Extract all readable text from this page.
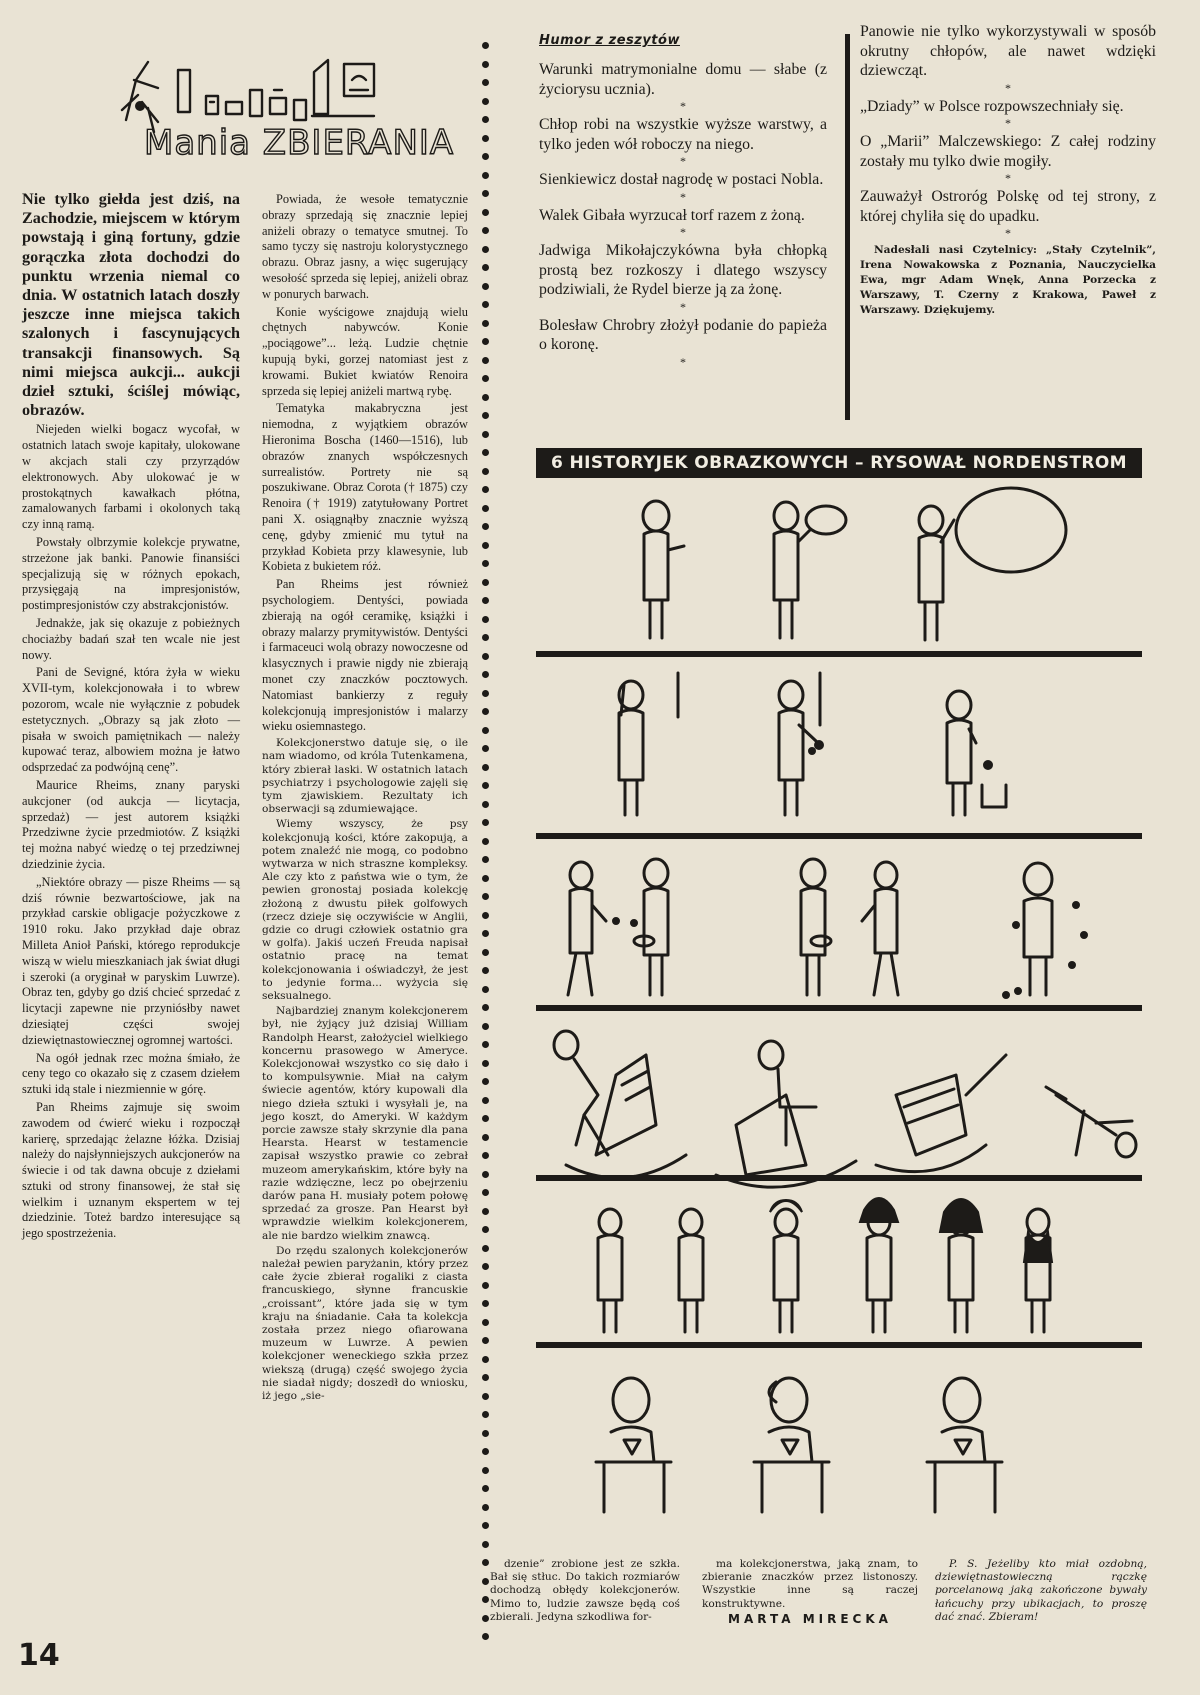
Mania ZBIERANIA

Nie tylko giełda jest dziś, na Zachodzie, miejscem w którym powstają i giną fortuny, gdzie gorączka złota dochodzi do punktu wrzenia niemal co dnia. W ostatnich latach doszły jeszcze inne miejsca takich szalonych i fascynujących transakcji finansowych. Są nimi miejsca aukcji... aukcji dzieł sztuki, ściślej mówiąc, obrazów.

Niejeden wielki bogacz wycofał, w ostatnich latach swoje kapitały, ulokowane w akcjach stali czy przyrządów elektronowych. Aby ulokować je w prostokątnych kawałkach płótna, zamalowanych farbami i okolonych taką czy inną ramą.

Powstały olbrzymie kolekcje prywatne, strzeżone jak banki. Panowie finansiści specjalizują się w różnych epokach, przysięgają na impresjonistów, postimpresjonistów czy abstrakcjonistów.

Jednakże, jak się okazuje z pobieżnych chociażby badań szał ten wcale nie jest nowy.

Pani de Sevigné, która żyła w wieku XVII-tym, kolekcjonowała i to wbrew pozorom, wcale nie wyłącznie z pobudek estetycznych. „Obrazy są jak złoto — pisała w swoich pamiętnikach — należy kupować teraz, albowiem można je łatwo odsprzedać za podwójną cenę”.

Maurice Rheims, znany paryski aukcjoner (od aukcja — licytacja, sprzedaż) — jest autorem książki Przedziwne życie przedmiotów. Z książki tej można nabyć wiedzę o tej przedziwnej dziedzinie życia.

„Niektóre obrazy — pisze Rheims — są dziś równie bezwartościowe, jak na przykład carskie obligacje pożyczkowe z 1910 roku. Jako przykład daje obraz Milleta Anioł Pański, którego reprodukcje wiszą w wielu mieszkaniach jak świat długi i szeroki (a oryginał w paryskim Luwrze). Obraz ten, gdyby go dziś chcieć sprzedać z licytacji zapewne nie przyniósłby nawet dziesiątej części swojej dziewiętnastowiecznej ogromnej wartości.

Na ogół jednak rzec można śmiało, że ceny tego co okazało się z czasem dziełem sztuki idą stale i niezmiennie w górę.

Pan Rheims zajmuje się swoim zawodem od ćwierć wieku i rozpoczął karierę, sprzedając żelazne łóżka. Dzisiaj należy do najsłynniejszych aukcjonerów na świecie i od tak dawna obcuje z dziełami sztuki od strony finansowej, że stał się wielkim i uznanym ekspertem w tej dziedzinie. Toteż bardzo interesujące są jego spostrzeżenia.

Powiada, że wesołe tematycznie obrazy sprzedają się znacznie lepiej aniżeli obrazy o tematyce smutnej. To samo tyczy się nastroju kolorystycznego obrazu. Obraz jasny, a więc sugerujący wesołość sprzeda się lepiej, aniżeli obraz w ponurych barwach.

Konie wyścigowe znajdują wielu chętnych nabywców. Konie „pociągowe”... leżą. Ludzie chętnie kupują byki, gorzej natomiast jest z krowami. Bukiet kwiatów Renoira sprzeda się lepiej aniżeli martwą rybę.

Tematyka makabryczna jest niemodna, z wyjątkiem obrazów Hieronima Boscha (1460—1516), lub obrazów znanych współczesnych surrealistów. Portrety nie są poszukiwane. Obraz Corota († 1875) czy Renoira († 1919) zatytułowany Portret pani X. osiągnąłby znacznie wyższą cenę, gdyby zmienić mu tytuł na przykład Kobieta przy klawesynie, lub Kobieta z bukietem róż.

Pan Rheims jest również psychologiem. Dentyści, powiada zbierają na ogół ceramikę, książki i obrazy malarzy prymitywistów. Dentyści i farmaceuci wolą obrazy nowoczesne od klasycznych i prawie nigdy nie zbierają monet czy znaczków pocztowych. Natomiast bankierzy z reguły kolekcjonują impresjonistów i malarzy wieku osiemnastego.

Kolekcjonerstwo datuje się, o ile nam wiadomo, od króla Tutenkamena, który zbierał laski. W ostatnich latach psychiatrzy i psychologowie zajęli się tym zjawiskiem. Rezultaty ich obserwacji są zdumiewające.

Wiemy wszyscy, że psy kolekcjonują kości, które zakopują, a potem znaleźć nie mogą, co podobno wytwarza w nich straszne kompleksy. Ale czy kto z państwa wie o tym, że pewien gronostaj posiada kolekcję złożoną z dwustu piłek golfowych (rzecz dzieje się oczywiście w Anglii, gdzie co drugi człowiek ostatnio gra w golfa). Jakiś uczeń Freuda napisał ostatnio pracę na temat kolekcjonowania i oświadczył, że jest to jedynie forma... wyżycia się seksualnego.

Najbardziej znanym kolekcjonerem był, nie żyjący już dzisiaj William Randolph Hearst, założyciel wielkiego koncernu prasowego w Ameryce. Kolekcjonował wszystko co się dało i to kompulsywnie. Miał na całym świecie agentów, który kupowali dla niego dzieła sztuki i wysyłali je, na jego koszt, do Ameryki. W każdym porcie zawsze stały skrzynie dla pana Hearsta. Hearst w testamencie zapisał wszystko prawie co zebrał muzeom amerykańskim, które były na razie wdzięczne, lecz po obejrzeniu darów pana H. musiały potem połowę sprzedać za grosze. Pan Hearst był wprawdzie wielkim kolekcjonerem, ale nie bardzo wielkim znawcą.

Do rzędu szalonych kolekcjonerów należał pewien paryżanin, który przez całe życie zbierał rogaliki z ciasta francuskiego, słynne francuskie „croissant”, które jada się w tym kraju na śniadanie. Cała ta kolekcja została przez niego ofiarowana muzeum w Luwrze. A pewien kolekcjoner weneckiego szkła przez wiekszą (drugą) część swojego życia nie siadał nigdy; doszedł do wniosku, iż jego „sie-

Humor z zeszytów

Warunki matrymonialne domu — słabe (z życiorysu ucznia).

*

Chłop robi na wszystkie wyższe warstwy, a tylko jeden wół roboczy na niego.

*

Sienkiewicz dostał nagrodę w postaci Nobla.

*

Walek Gibała wyrzucał torf razem z żoną.

*

Jadwiga Mikołajczykówna była chłopką prostą bez rozkoszy i dlatego wszyscy podziwiali, że Rydel bierze ją za żonę.

*

Bolesław Chrobry złożył podanie do papieża o koronę.

*

Panowie nie tylko wykorzystywali w sposób okrutny chłopów, ale nawet wdzięki dziewcząt.

*

„Dziady” w Polsce rozpowszechniały się.

*

O „Marii” Malczewskiego: Z całej rodziny zostały mu tylko dwie mogiły.

*

Zauważył Ostroróg Polskę od tej strony, z której chyliła się do upadku.

*

Nadesłali nasi Czytelnicy: „Stały Czytelnik”, Irena Nowakowska z Poznania, Nauczycielka Ewa, mgr Adam Wnęk, Anna Porzecka z Warszawy, T. Czerny z Krakowa, Paweł z Warszawy. Dziękujemy.

6 HISTORYJEK OBRAZKOWYCH – RYSOWAŁ NORDENSTROM

dzenie” zrobione jest ze szkła. Bał się stłuc. Do takich rozmiarów dochodzą obłędy kolekcjonerów. Mimo to, ludzie zawsze będą coś zbierali. Jedyna szkodliwa for-

ma kolekcjonerstwa, jaką znam, to zbieranie znaczków przez listonoszy. Wszystkie inne są raczej konstruktywne.

MARTA MIRECKA

P. S. Jeżeliby kto miał ozdobną, dziewiętnastowieczną rączkę porcelanową jaką zakończone bywały łańcuchy przy ubikacjach, to proszę dać znać. Zbieram!

14
